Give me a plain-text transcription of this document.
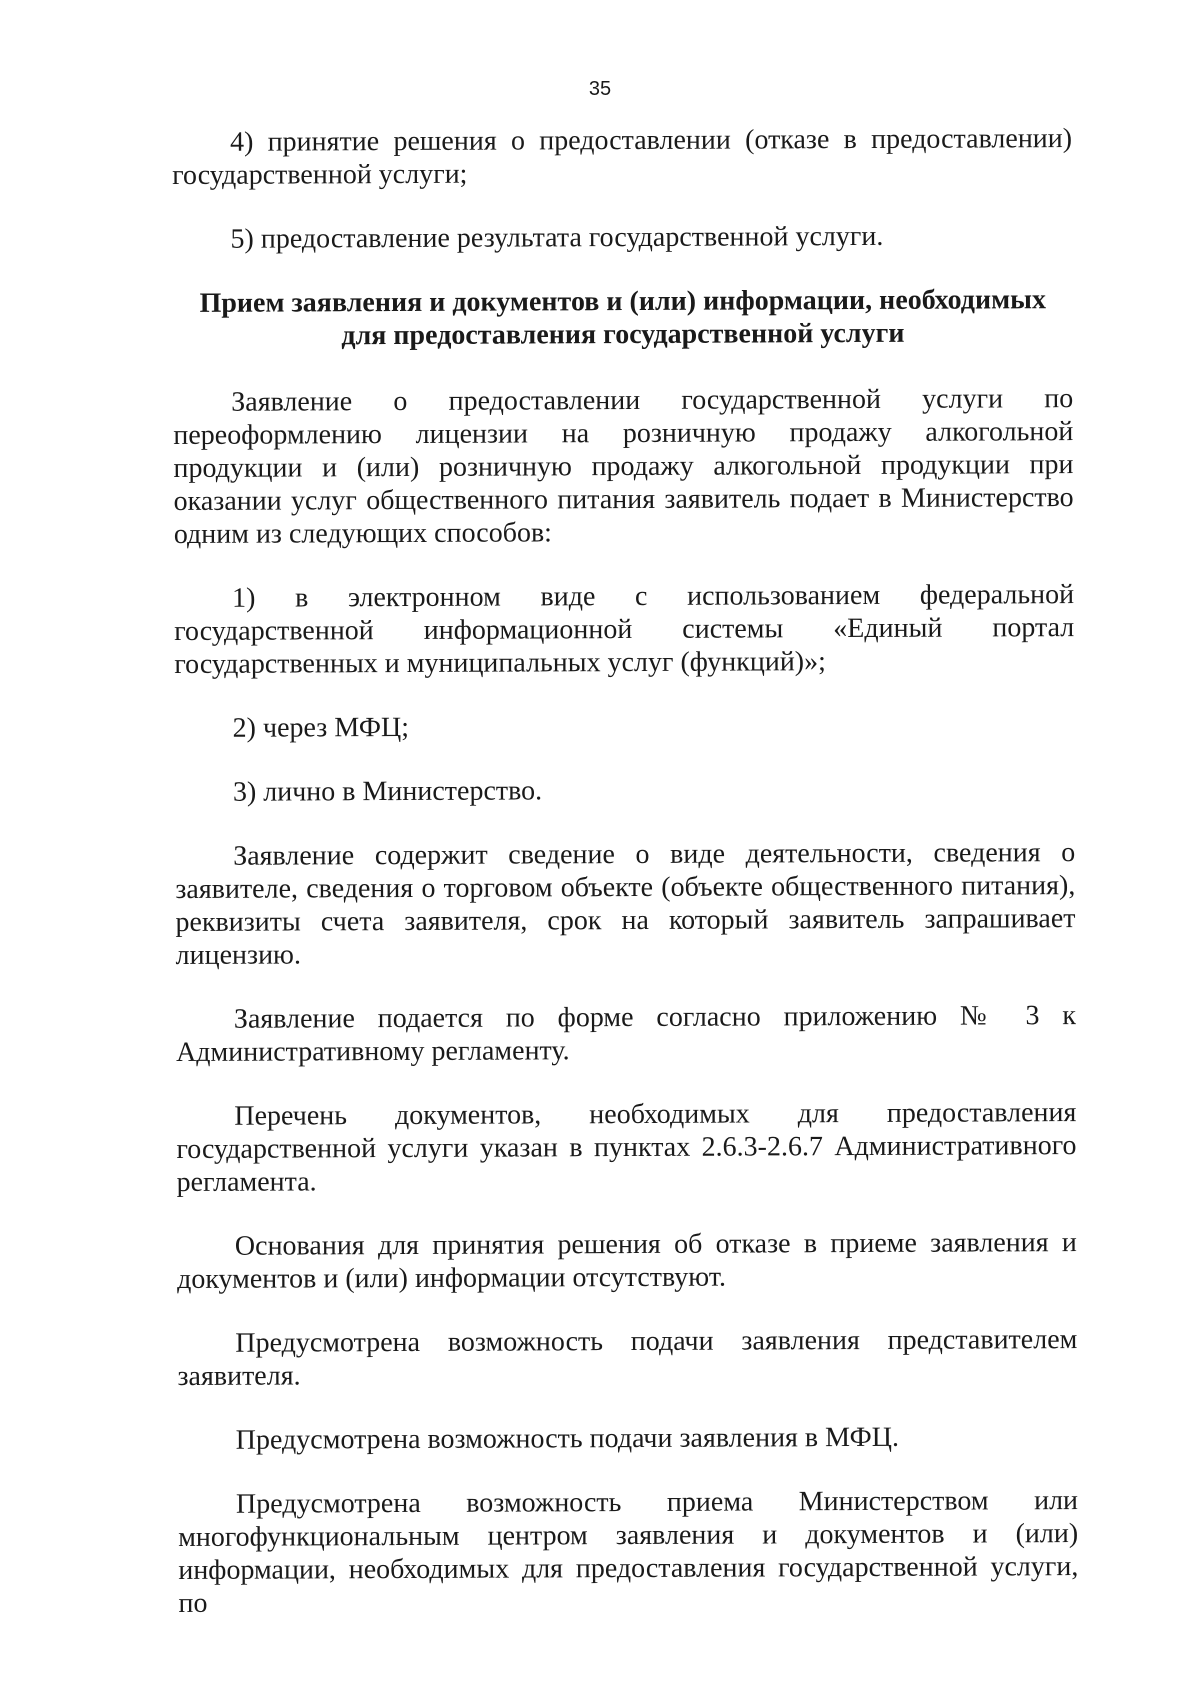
35

4) принятие решения о предоставлении (отказе в предоставлении) государственной услуги;

5) предоставление результата государственной услуги.

Прием заявления и документов и (или) информации, необходимых
для предоставления государственной услуги

Заявление о предоставлении государственной услуги по переоформлению лицензии на розничную продажу алкогольной продукции и (или) розничную продажу алкогольной продукции при оказании услуг общественного питания заявитель подает в Министерство одним из следующих способов:

1) в электронном виде с использованием федеральной государственной информационной системы «Единый портал государственных и муниципальных услуг (функций)»;

2) через МФЦ;

3) лично в Министерство.

Заявление содержит сведение о виде деятельности, сведения о заявителе, сведения о торговом объекте (объекте общественного питания), реквизиты счета заявителя, срок на который заявитель запрашивает лицензию.

Заявление подается по форме согласно приложению № 3 к Административному регламенту.

Перечень документов, необходимых для предоставления государственной услуги указан в пунктах 2.6.3-2.6.7 Административного регламента.

Основания для принятия решения об отказе в приеме заявления и документов и (или) информации отсутствуют.

Предусмотрена возможность подачи заявления представителем заявителя.

Предусмотрена возможность подачи заявления в МФЦ.

Предусмотрена возможность приема Министерством или многофункциональным центром заявления и документов и (или) информации, необходимых для предоставления государственной услуги, по
